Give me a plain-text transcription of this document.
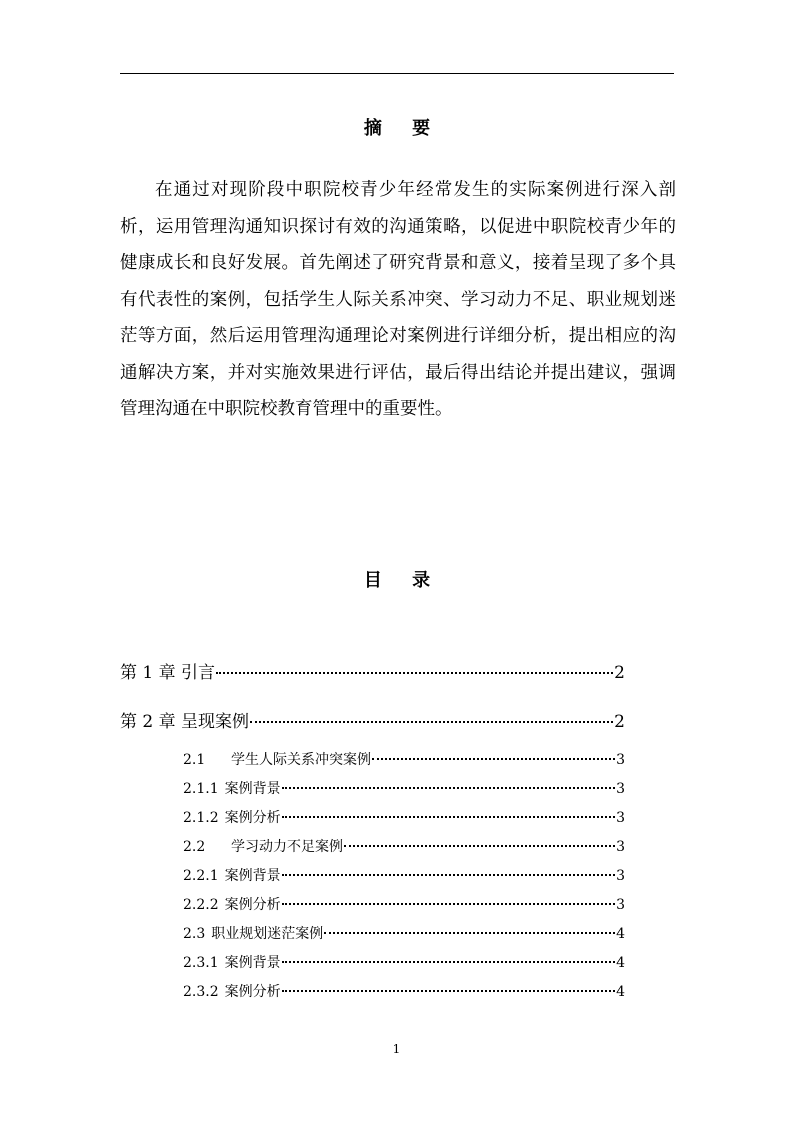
摘 要
在通过对现阶段中职院校青少年经常发生的实际案例进行深入剖析，运用管理沟通知识探讨有效的沟通策略，以促进中职院校青少年的健康成长和良好发展。首先阐述了研究背景和意义，接着呈现了多个具有代表性的案例，包括学生人际关系冲突、学习动力不足、职业规划迷茫等方面，然后运用管理沟通理论对案例进行详细分析，提出相应的沟通解决方案，并对实施效果进行评估，最后得出结论并提出建议，强调管理沟通在中职院校教育管理中的重要性。
目 录
第 1 章 引言	2
第 2 章 呈现案例	2
2.1 学生人际关系冲突案例	3
2.1.1 案例背景	3
2.1.2 案例分析	3
2.2 学习动力不足案例	3
2.2.1 案例背景	3
2.2.2 案例分析	3
2.3 职业规划迷茫案例	4
2.3.1 案例背景	4
2.3.2 案例分析	4
1
